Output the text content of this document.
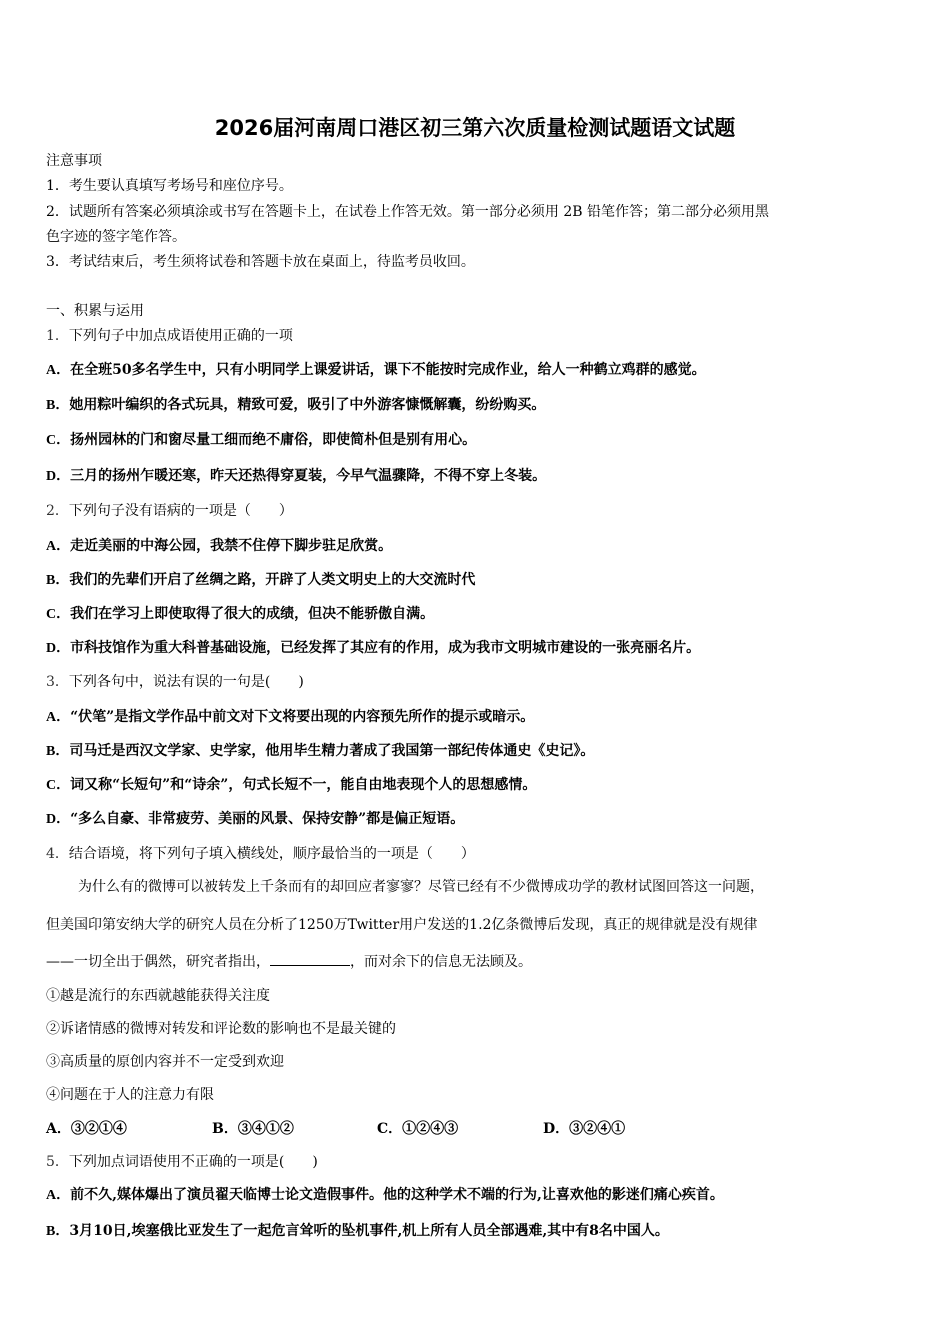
2026届河南周口港区初三第六次质量检测试题语文试题
注意事项
1．考生要认真填写考场号和座位序号。
2．试题所有答案必须填涂或书写在答题卡上，在试卷上作答无效。第一部分必须用 2B 铅笔作答；第二部分必须用黑
色字迹的签字笔作答。
3．考试结束后，考生须将试卷和答题卡放在桌面上，待监考员收回。
一、积累与运用
1．下列句子中加点成语使用正确的一项
A．在全班50多名学生中，只有小明同学上课爱讲话，课下不能按时完成作业，给人一种鹤立鸡群的感觉。
B．她用粽叶编织的各式玩具，精致可爱，吸引了中外游客慷慨解囊，纷纷购买。
C．扬州园林的门和窗尽量工细而绝不庸俗，即使简朴但是别有用心。
D．三月的扬州乍暖还寒，昨天还热得穿夏装，今早气温骤降，不得不穿上冬装。
2．下列句子没有语病的一项是（　　）
A．走近美丽的中海公园，我禁不住停下脚步驻足欣赏。
B．我们的先辈们开启了丝绸之路，开辟了人类文明史上的大交流时代
C．我们在学习上即使取得了很大的成绩，但决不能骄傲自满。
D．市科技馆作为重大科普基础设施，已经发挥了其应有的作用，成为我市文明城市建设的一张亮丽名片。
3．下列各句中，说法有误的一句是(　　)
A．“伏笔”是指文学作品中前文对下文将要出现的内容预先所作的提示或暗示。
B．司马迁是西汉文学家、史学家，他用毕生精力著成了我国第一部纪传体通史《史记》。
C．词又称“长短句”和“诗余”，句式长短不一，能自由地表现个人的思想感情。
D．“多么自豪、非常疲劳、美丽的风景、保持安静”都是偏正短语。
4．结合语境，将下列句子填入横线处，顺序最恰当的一项是（　　）
为什么有的微博可以被转发上千条而有的却回应者寥寥？尽管已经有不少微博成功学的教材试图回答这一问题，
但美国印第安纳大学的研究人员在分析了1250万Twitter用户发送的1.2亿条微博后发现，真正的规律就是没有规律
——一切全出于偶然，研究者指出，	，而对余下的信息无法顾及。
①越是流行的东西就越能获得关注度
②诉诸情感的微博对转发和评论数的影响也不是最关键的
③高质量的原创内容并不一定受到欢迎
④问题在于人的注意力有限
A．③②①④	B．③④①②	C．①②④③	D．③②④①
5．下列加点词语使用不正确的一项是(　　)
A．前不久,媒体爆出了演员翟天临博士论文造假事件。他的这种学术不端的行为,让喜欢他的影迷们痛心疾首。
B．3月10日,埃塞俄比亚发生了一起危言耸听的坠机事件,机上所有人员全部遇难,其中有8名中国人。
